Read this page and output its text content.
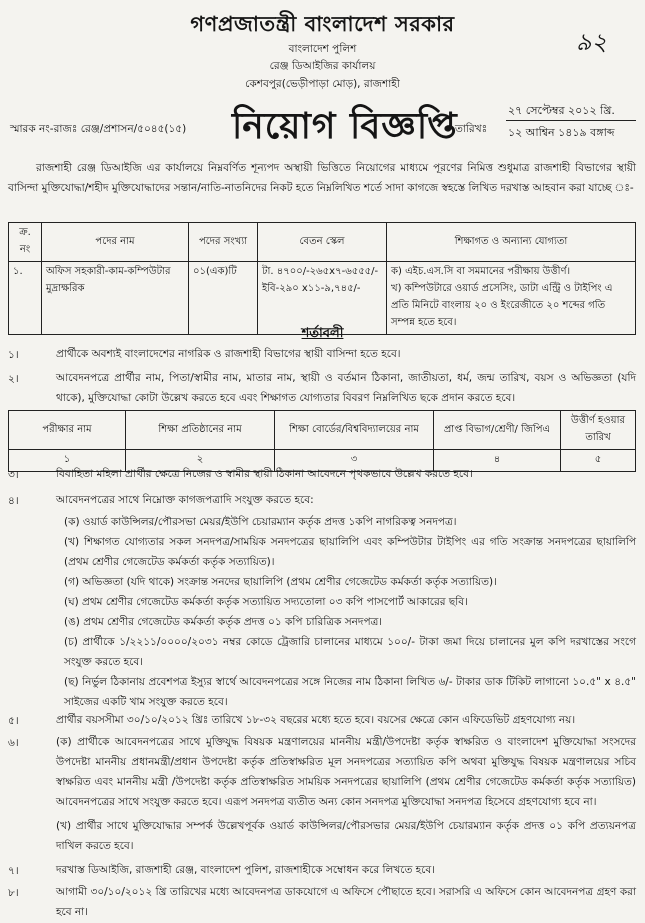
গণপ্রজাতন্ত্রী বাংলাদেশ সরকার
বাংলাদেশ পুলিশ
রেঞ্জ ডিআইজির কার্যালয়
কেশবপুর(ভেড়ীপাড়া মোড়), রাজশাহী
৯২
স্মারক নং-রাজঃ রেঞ্জ/প্রশাসন/৫০৪৫(১৫) নিয়োগ বিজ্ঞপ্তি
তারিখঃ
২৭ সেপ্টেম্বর ২০১২ খ্রি.
১২ আশ্বিন ১৪১৯ বঙ্গাব্দ
রাজশাহী রেঞ্জ ডিআইজি এর কার্যালয়ে নিম্নবর্ণিত শূন্যপদ অস্থায়ী ভিত্তিতে নিয়োগের মাধ্যমে পূরণের নিমিত্ত শুধুমাত্র রাজশাহী বিভাগের স্থায়ী বাসিন্দা মুক্তিযোদ্ধা/শহীদ মুক্তিযোদ্ধাদের সন্তান/নাতি-নাতনিদের নিকট হতে নিম্নলিখিত শর্তে সাদা কাগজে স্বহস্তে লিখিত দরখাস্ত আহবান করা যাচ্ছে ঃ-
ক্র. নং	পদের নাম	পদের সংখ্যা	বেতন স্কেল	শিক্ষাগত ও অন্যান্য যোগ্যতা
১.	অফিস সহকারী-কাম-কম্পিউটার মুদ্রাক্ষরিক	০১(এক)টি	টা. ৪৭০০/-২৬৫x৭-৬৫৫৫/-ইবি-২৯০ x১১-৯,৭৪৫/-	ক) এইচ.এস.সি বা সমমানের পরীক্ষায় উত্তীর্ণ।
খ) কম্পিউটারে ওয়ার্ড প্রসেসিং, ডাটা এন্ট্রি ও টাইপিং এ প্রতি মিনিটে বাংলায় ২০ ও ইংরেজীতে ২০ শব্দের গতি সম্পন্ন হতে হবে।
শর্তাবলী
১।	প্রার্থীকে অবশ্যই বাংলাদেশের নাগরিক ও রাজশাহী বিভাগের স্থায়ী বাসিন্দা হতে হবে।
২।	আবেদনপত্রে প্রার্থীর নাম, পিতা/স্বামীর নাম, মাতার নাম, স্থায়ী ও বর্তমান ঠিকানা, জাতীয়তা, ধর্ম, জন্ম তারিখ, বয়স ও অভিজ্ঞতা (যদি থাকে), মুক্তিযোদ্ধা কোটা উল্লেখ করতে হবে এবং শিক্ষাগত যোগ্যতার বিবরণ নিম্নলিখিত ছকে প্রদান করতে হবে।
পরীক্ষার নাম	শিক্ষা প্রতিষ্ঠানের নাম	শিক্ষা বোর্ডের/বিশ্ববিদ্যালয়ের নাম	প্রাপ্ত বিভাগ/শ্রেণী/ জিপিএ	উত্তীর্ণ হওয়ার তারিখ
১	২	৩	৪	৫
৩।	বিবাহিতা মহিলা প্রার্থীর ক্ষেত্রে নিজের ও স্বামীর স্থায়ী ঠিকানা আবেদনে পৃথকভাবে উল্লেখ করতে হবে।
৪।	আবেদনপত্রের সাথে নিম্নোক্ত কাগজপত্রাদি সংযুক্ত করতে হবে:
(ক) ওয়ার্ড কাউন্সিলর/পৌরসভা মেয়র/ইউপি চেয়ারম্যান কর্তৃক প্রদত্ত ১কপি নাগরিকত্ব সনদপত্র।
(খ) শিক্ষাগত যোগ্যতার সকল সনদপত্র/সাময়িক সনদপত্রের ছায়ালিপি এবং কম্পিউটার টাইপিং এর গতি সংক্রান্ত সনদপত্রের ছায়ালিপি (প্রথম শ্রেণীর গেজেটেড কর্মকর্তা কর্তৃক সত্যায়িত)।
(গ) অভিজ্ঞতা (যদি থাকে) সংক্রান্ত সনদের ছায়ালিপি (প্রথম শ্রেণীর গেজেটেড কর্মকর্তা কর্তৃক সত্যায়িত)।
(ঘ) প্রথম শ্রেণীর গেজেটেড কর্মকর্তা কর্তৃক সত্যায়িত সদ্যতোলা ০৩ কপি পাসপোর্ট আকারের ছবি।
(ঙ) প্রথম শ্রেণীর গেজেটেড কর্মকর্তা কর্তৃক প্রদত্ত ০১ কপি চারিত্রিক সনদপত্র।
(চ) প্রার্থীকে ১/২২১১/০০০০/২০৩১ নম্বর কোডে ট্রেজারি চালানের মাধ্যমে ১০০/- টাকা জমা দিয়ে চালানের মুল কপি দরখাস্তের সংগে সংযুক্ত করতে হবে।
(ছ) নির্ভুল ঠিকানায় প্রবেশপত্র ইস্যুর স্বার্থে আবেদনপত্রের সঙ্গে নিজের নাম ঠিকানা লিখিত ৬/- টাকার ডাক টিকিট লাগানো ১০.৫" x ৪.৫" সাইজের একটি খাম সংযুক্ত করতে হবে।
৫।	প্রার্থীর বয়সসীমা ৩০/১০/২০১২ খ্রিঃ তারিখে ১৮-৩২ বছরের মধ্যে হতে হবে। বয়সের ক্ষেত্রে কোন এফিডেভিট গ্রহণযোগ্য নয়।
৬।	(ক) প্রার্থীকে আবেদনপত্রের সাথে মুক্তিযুদ্ধ বিষয়ক মন্ত্রণালয়ের মাননীয় মন্ত্রী/উপদেষ্টা কর্তৃক স্বাক্ষরিত ও বাংলাদেশ মুক্তিযোদ্ধা সংসদের উপদেষ্টা মাননীয় প্রধানমন্ত্রী/প্রধান উপদেষ্টা কর্তৃক প্রতিস্বাক্ষরিত মূল সনদপত্রের সত্যায়িত কপি অথবা মুক্তিযুদ্ধ বিষয়ক মন্ত্রণালয়ের সচিব স্বাক্ষরিত এবং মাননীয় মন্ত্রী /উপদেষ্টা কর্তৃক প্রতিস্বাক্ষরিত সাময়িক সনদপত্রের ছায়ালিপি (প্রথম শ্রেণীর গেজেটেড কর্মকর্তা কর্তৃক সত্যায়িত) আবেদনপত্রের সাথে সংযুক্ত করতে হবে। এরূপ সনদপত্র ব্যতীত অন্য কোন সনদপত্র মুক্তিযোদ্ধা সনদপত্র হিসেবে গ্রহণযোগ্য হবে না।
(খ) প্রার্থীর সাথে মুক্তিযোদ্ধার সম্পর্ক উল্লেখপূর্বক ওয়ার্ড কাউন্সিলর/পৌরসভার মেয়র/ইউপি চেয়ারম্যান কর্তৃক প্রদত্ত ০১ কপি প্রত্যয়নপত্র দাখিল করতে হবে।
৭।	দরখাস্ত ডিআইজি, রাজশাহী রেঞ্জ, বাংলাদেশ পুলিশ, রাজশাহীকে সম্বোধন করে লিখতে হবে।
৮।	আগামী ৩০/১০/২০১২ খ্রি তারিখের মধ্যে আবেদনপত্র ডাকযোগে এ অফিসে পৌছাতে হবে। সরাসরি এ অফিসে কোন আবেদনপত্র গ্রহণ করা হবে না।
